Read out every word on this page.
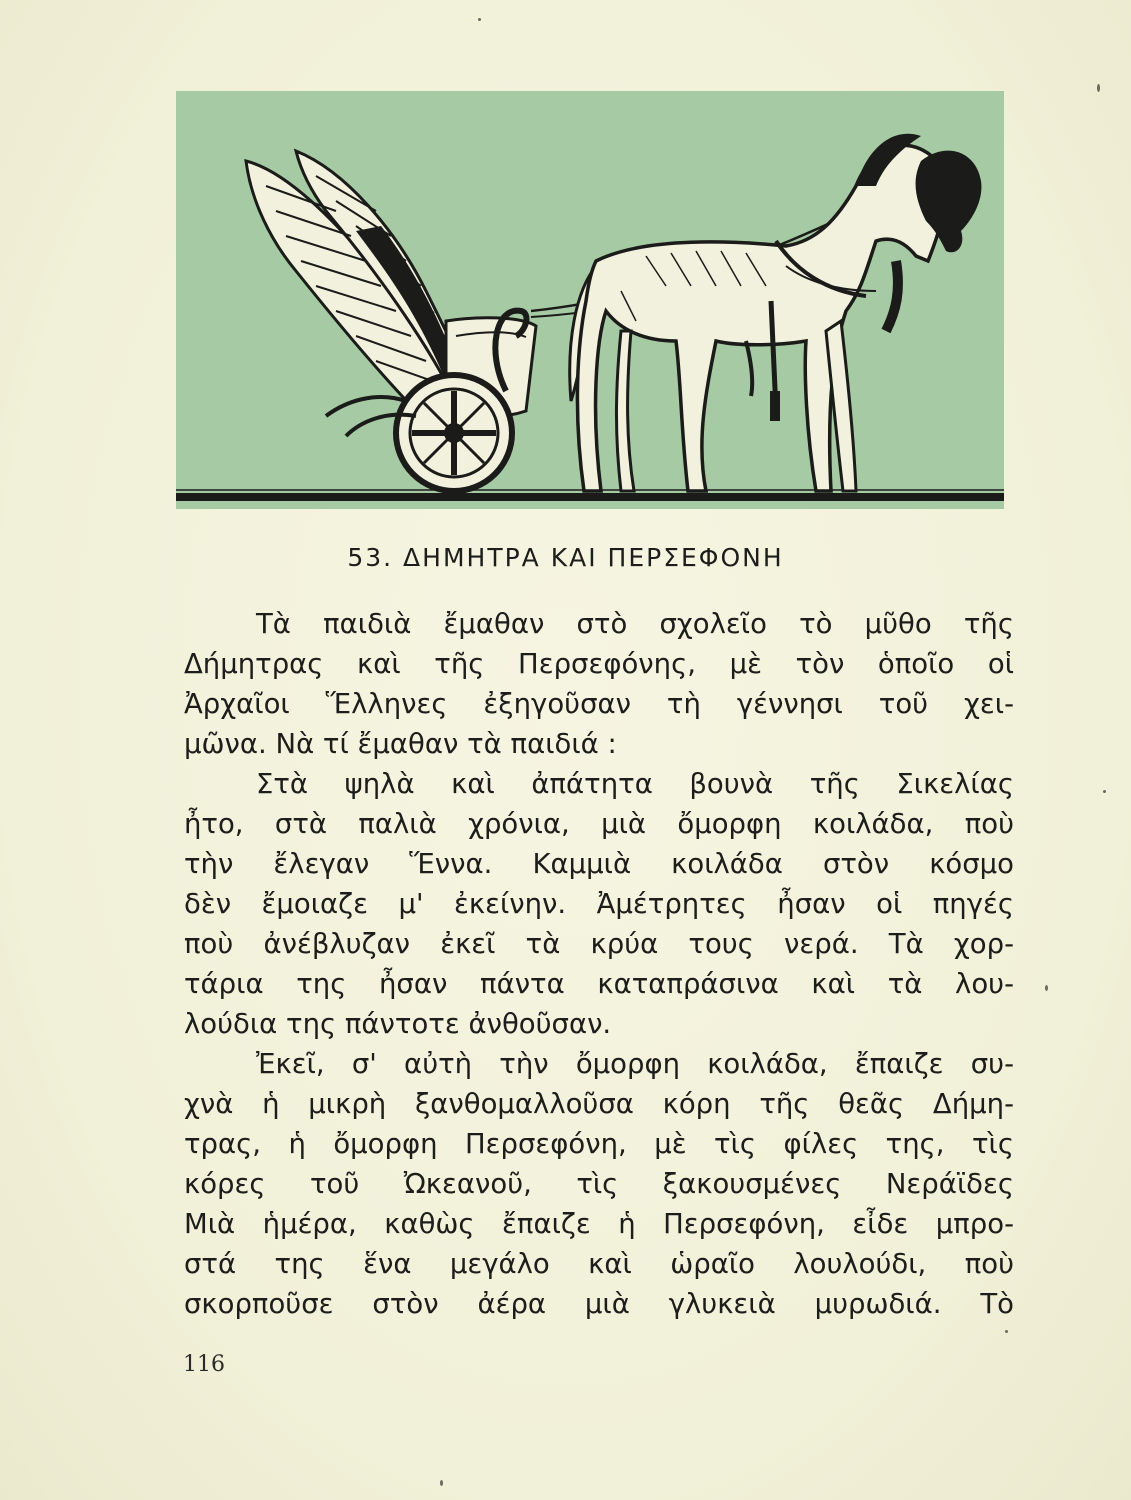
53. ΔΗΜΗΤΡΑ ΚΑΙ ΠΕΡΣΕΦΟΝΗ
Τὰ παιδιὰ ἔμαθαν στὸ σχολεῖο τὸ μῦθο τῆς
Δήμητρας καὶ τῆς Περσεφόνης, μὲ τὸν ὁποῖο οἱ
Ἀρχαῖοι Ἕλληνες ἐξηγοῦσαν τὴ γέννησι τοῦ χει-
μῶνα. Νὰ τί ἔμαθαν τὰ παιδιά :
Στὰ ψηλὰ καὶ ἀπάτητα βουνὰ τῆς Σικελίας
ἦτο, στὰ παλιὰ χρόνια, μιὰ ὄμορφη κοιλάδα, ποὺ
τὴν ἔλεγαν Ἕννα. Καμμιὰ κοιλάδα στὸν κόσμο
δὲν ἔμοιαζε μ' ἐκείνην. Ἀμέτρητες ἦσαν οἱ πηγές
ποὺ ἀνέβλυζαν ἐκεῖ τὰ κρύα τους νερά. Τὰ χορ-
τάρια της ἦσαν πάντα καταπράσινα καὶ τὰ λου-
λούδια της πάντοτε ἀνθοῦσαν.
Ἐκεῖ, σ' αὐτὴ τὴν ὄμορφη κοιλάδα, ἔπαιζε συ-
χνὰ ἡ μικρὴ ξανθομαλλοῦσα κόρη τῆς θεᾶς Δήμη-
τρας, ἡ ὄμορφη Περσεφόνη, μὲ τὶς φίλες της, τὶς
κόρες τοῦ Ὠκεανοῦ, τὶς ξακουσμένες Νεράϊδες
Μιὰ ἡμέρα, καθὼς ἔπαιζε ἡ Περσεφόνη, εἶδε μπρο-
στά της ἕνα μεγάλο καὶ ὡραῖο λουλούδι, ποὺ
σκορποῦσε στὸν ἀέρα μιὰ γλυκειὰ μυρωδιά. Τὸ
116
